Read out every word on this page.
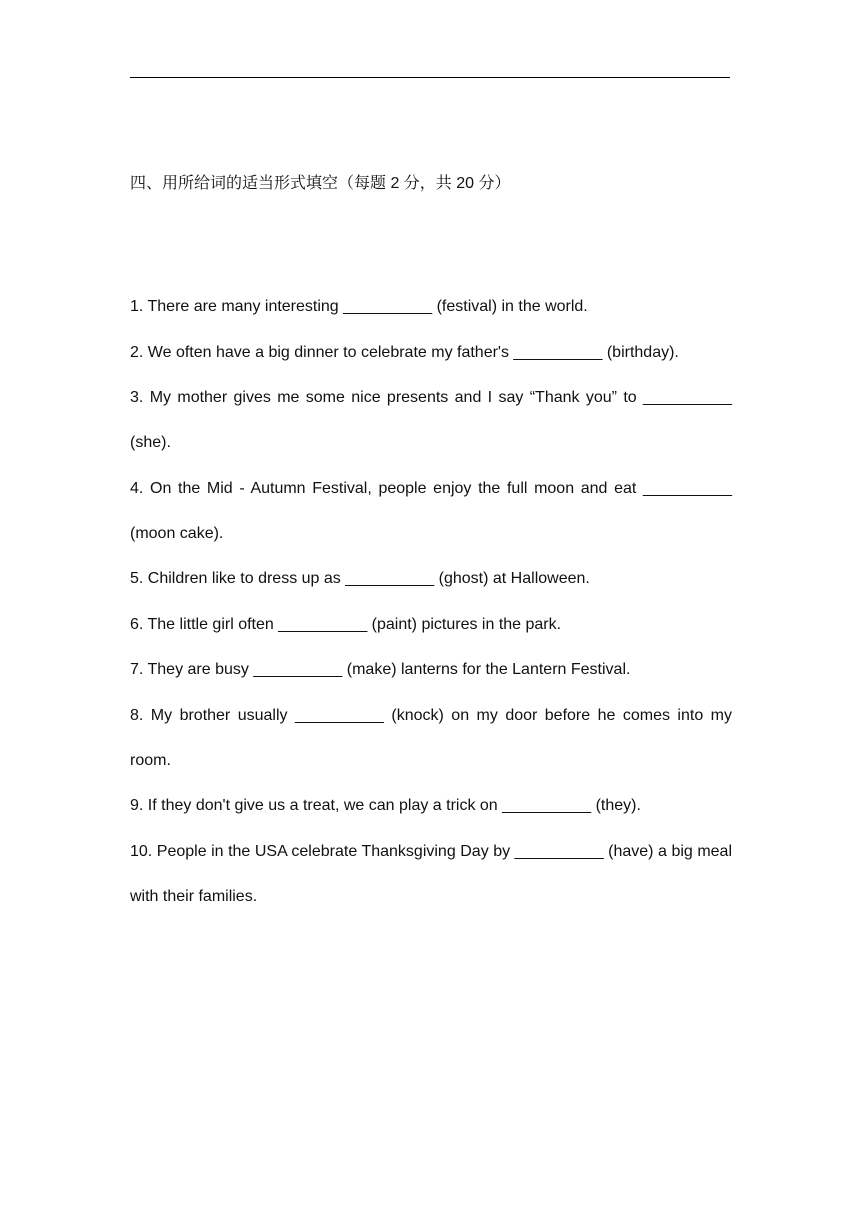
四、用所给词的适当形式填空（每题 2 分，共 20 分）
1. There are many interesting __________ (festival) in the world.
2. We often have a big dinner to celebrate my father's __________ (birthday).
3. My mother gives me some nice presents and I say “Thank you” to __________ (she).
4. On the Mid - Autumn Festival, people enjoy the full moon and eat __________ (moon cake).
5. Children like to dress up as __________ (ghost) at Halloween.
6. The little girl often __________ (paint) pictures in the park.
7. They are busy __________ (make) lanterns for the Lantern Festival.
8. My brother usually __________ (knock) on my door before he comes into my room.
9. If they don't give us a treat, we can play a trick on __________ (they).
10. People in the USA celebrate Thanksgiving Day by __________ (have) a big meal with their families.
